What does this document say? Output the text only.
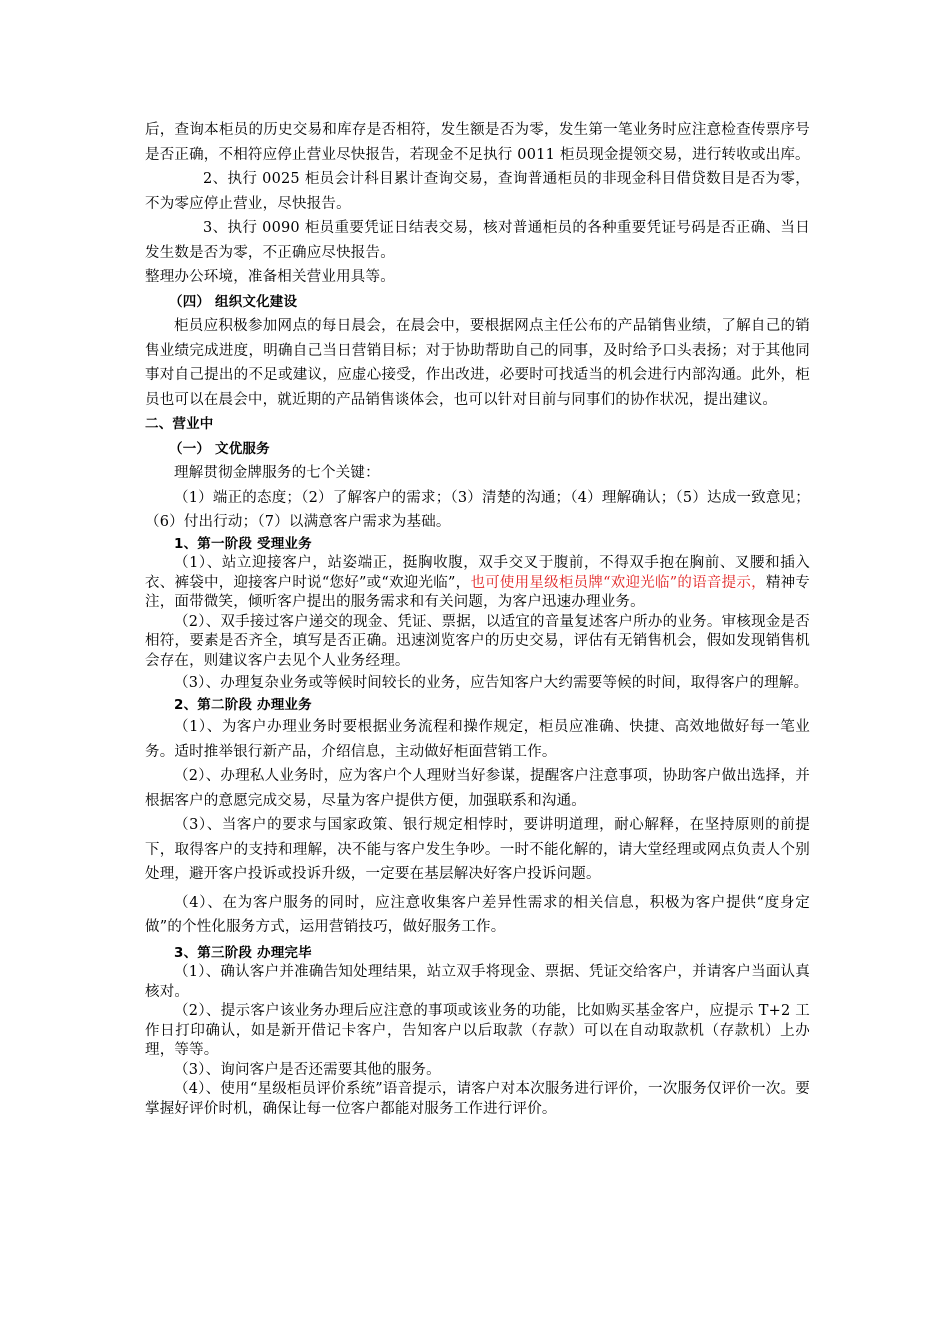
后，查询本柜员的历史交易和库存是否相符，发生额是否为零，发生第一笔业务时应注意检查传票序号是否正确，不相符应停止营业尽快报告，若现金不足执行 0011 柜员现金提领交易，进行转收或出库。

2、执行 0025 柜员会计科目累计查询交易，查询普通柜员的非现金科目借贷数目是否为零，不为零应停止营业，尽快报告。

3、执行 0090 柜员重要凭证日结表交易，核对普通柜员的各种重要凭证号码是否正确、当日发生数是否为零，不正确应尽快报告。

整理办公环境，准备相关营业用具等。

（四） 组织文化建设

柜员应积极参加网点的每日晨会，在晨会中，要根据网点主任公布的产品销售业绩，了解自己的销售业绩完成进度，明确自己当日营销目标；对于协助帮助自己的同事，及时给予口头表扬；对于其他同事对自己提出的不足或建议，应虚心接受，作出改进，必要时可找适当的机会进行内部沟通。此外，柜员也可以在晨会中，就近期的产品销售谈体会，也可以针对目前与同事们的协作状况，提出建议。

二、营业中

（一） 文优服务

理解贯彻金牌服务的七个关键：

（1）端正的态度；（2）了解客户的需求；（3）清楚的沟通；（4）理解确认；（5）达成一致意见；（6）付出行动；（7）以满意客户需求为基础。

1、第一阶段 受理业务

（1）、站立迎接客户，站姿端正，挺胸收腹，双手交叉于腹前，不得双手抱在胸前、叉腰和插入衣、裤袋中，迎接客户时说“您好”或“欢迎光临”，也可使用星级柜员牌“欢迎光临”的语音提示，精神专注，面带微笑，倾听客户提出的服务需求和有关问题，为客户迅速办理业务。

（2）、双手接过客户递交的现金、凭证、票据，以适宜的音量复述客户所办的业务。审核现金是否相符，要素是否齐全，填写是否正确。迅速浏览客户的历史交易，评估有无销售机会，假如发现销售机会存在，则建议客户去见个人业务经理。

（3）、办理复杂业务或等候时间较长的业务，应告知客户大约需要等候的时间，取得客户的理解。

2、第二阶段 办理业务

（1）、为客户办理业务时要根据业务流程和操作规定，柜员应准确、快捷、高效地做好每一笔业务。适时推举银行新产品，介绍信息，主动做好柜面营销工作。

（2）、办理私人业务时，应为客户个人理财当好参谋，提醒客户注意事项，协助客户做出选择，并根据客户的意愿完成交易，尽量为客户提供方便，加强联系和沟通。

（3）、当客户的要求与国家政策、银行规定相悖时，要讲明道理，耐心解释，在坚持原则的前提下，取得客户的支持和理解，决不能与客户发生争吵。一时不能化解的，请大堂经理或网点负责人个别处理，避开客户投诉或投诉升级，一定要在基层解决好客户投诉问题。

（4）、在为客户服务的同时，应注意收集客户差异性需求的相关信息，积极为客户提供“度身定做”的个性化服务方式，运用营销技巧，做好服务工作。

3、第三阶段 办理完毕

（1）、确认客户并准确告知处理结果，站立双手将现金、票据、凭证交给客户，并请客户当面认真核对。

（2）、提示客户该业务办理后应注意的事项或该业务的功能，比如购买基金客户，应提示 T+2 工作日打印确认，如是新开借记卡客户，告知客户以后取款（存款）可以在自动取款机（存款机）上办理，等等。

（3）、询问客户是否还需要其他的服务。

（4）、使用“星级柜员评价系统”语音提示，请客户对本次服务进行评价，一次服务仅评价一次。要掌握好评价时机，确保让每一位客户都能对服务工作进行评价。
